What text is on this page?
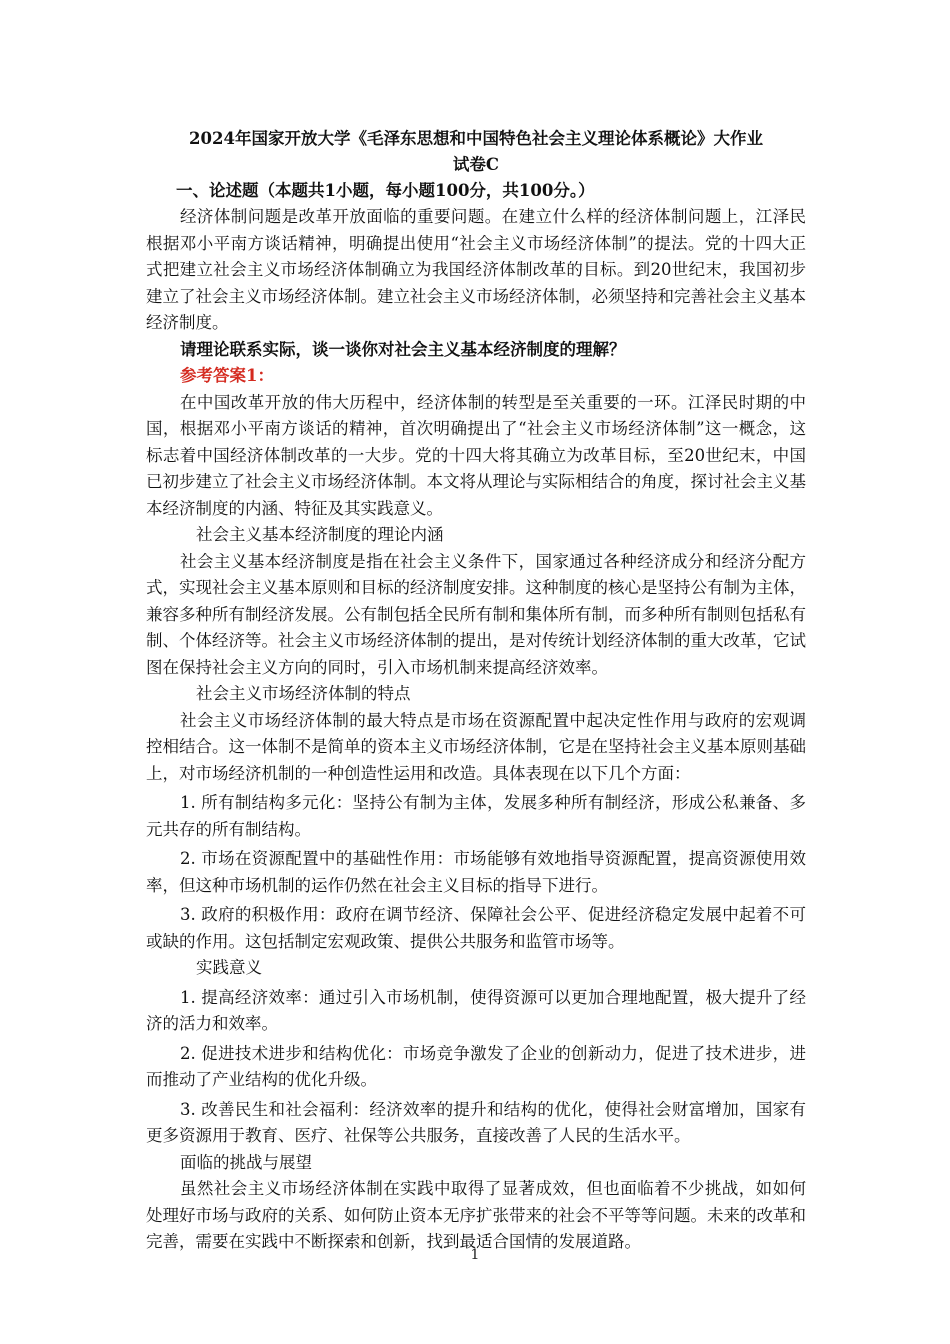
2024年国家开放大学《毛泽东思想和中国特色社会主义理论体系概论》大作业
试卷C
一、论述题（本题共1小题，每小题100分，共100分。）

经济体制问题是改革开放面临的重要问题。在建立什么样的经济体制问题上，江泽民根据邓小平南方谈话精神，明确提出使用“社会主义市场经济体制”的提法。党的十四大正式把建立社会主义市场经济体制确立为我国经济体制改革的目标。到20世纪末，我国初步建立了社会主义市场经济体制。建立社会主义市场经济体制，必须坚持和完善社会主义基本经济制度。

请理论联系实际，谈一谈你对社会主义基本经济制度的理解？

参考答案1：

在中国改革开放的伟大历程中，经济体制的转型是至关重要的一环。江泽民时期的中国，根据邓小平南方谈话的精神，首次明确提出了“社会主义市场经济体制”这一概念，这标志着中国经济体制改革的一大步。党的十四大将其确立为改革目标，至20世纪末，中国已初步建立了社会主义市场经济体制。本文将从理论与实际相结合的角度，探讨社会主义基本经济制度的内涵、特征及其实践意义。

社会主义基本经济制度的理论内涵

社会主义基本经济制度是指在社会主义条件下，国家通过各种经济成分和经济分配方式，实现社会主义基本原则和目标的经济制度安排。这种制度的核心是坚持公有制为主体，兼容多种所有制经济发展。公有制包括全民所有制和集体所有制，而多种所有制则包括私有制、个体经济等。社会主义市场经济体制的提出，是对传统计划经济体制的重大改革，它试图在保持社会主义方向的同时，引入市场机制来提高经济效率。

社会主义市场经济体制的特点

社会主义市场经济体制的最大特点是市场在资源配置中起决定性作用与政府的宏观调控相结合。这一体制不是简单的资本主义市场经济体制，它是在坚持社会主义基本原则基础上，对市场经济机制的一种创造性运用和改造。具体表现在以下几个方面：

1. 所有制结构多元化：坚持公有制为主体，发展多种所有制经济，形成公私兼备、多元共存的所有制结构。

2. 市场在资源配置中的基础性作用：市场能够有效地指导资源配置，提高资源使用效率，但这种市场机制的运作仍然在社会主义目标的指导下进行。

3. 政府的积极作用：政府在调节经济、保障社会公平、促进经济稳定发展中起着不可或缺的作用。这包括制定宏观政策、提供公共服务和监管市场等。

实践意义

1. 提高经济效率：通过引入市场机制，使得资源可以更加合理地配置，极大提升了经济的活力和效率。

2. 促进技术进步和结构优化：市场竞争激发了企业的创新动力，促进了技术进步，进而推动了产业结构的优化升级。

3. 改善民生和社会福利：经济效率的提升和结构的优化，使得社会财富增加，国家有更多资源用于教育、医疗、社保等公共服务，直接改善了人民的生活水平。

面临的挑战与展望

虽然社会主义市场经济体制在实践中取得了显著成效，但也面临着不少挑战，如如何处理好市场与政府的关系、如何防止资本无序扩张带来的社会不平等等问题。未来的改革和完善，需要在实践中不断探索和创新，找到最适合国情的发展道路。

1
